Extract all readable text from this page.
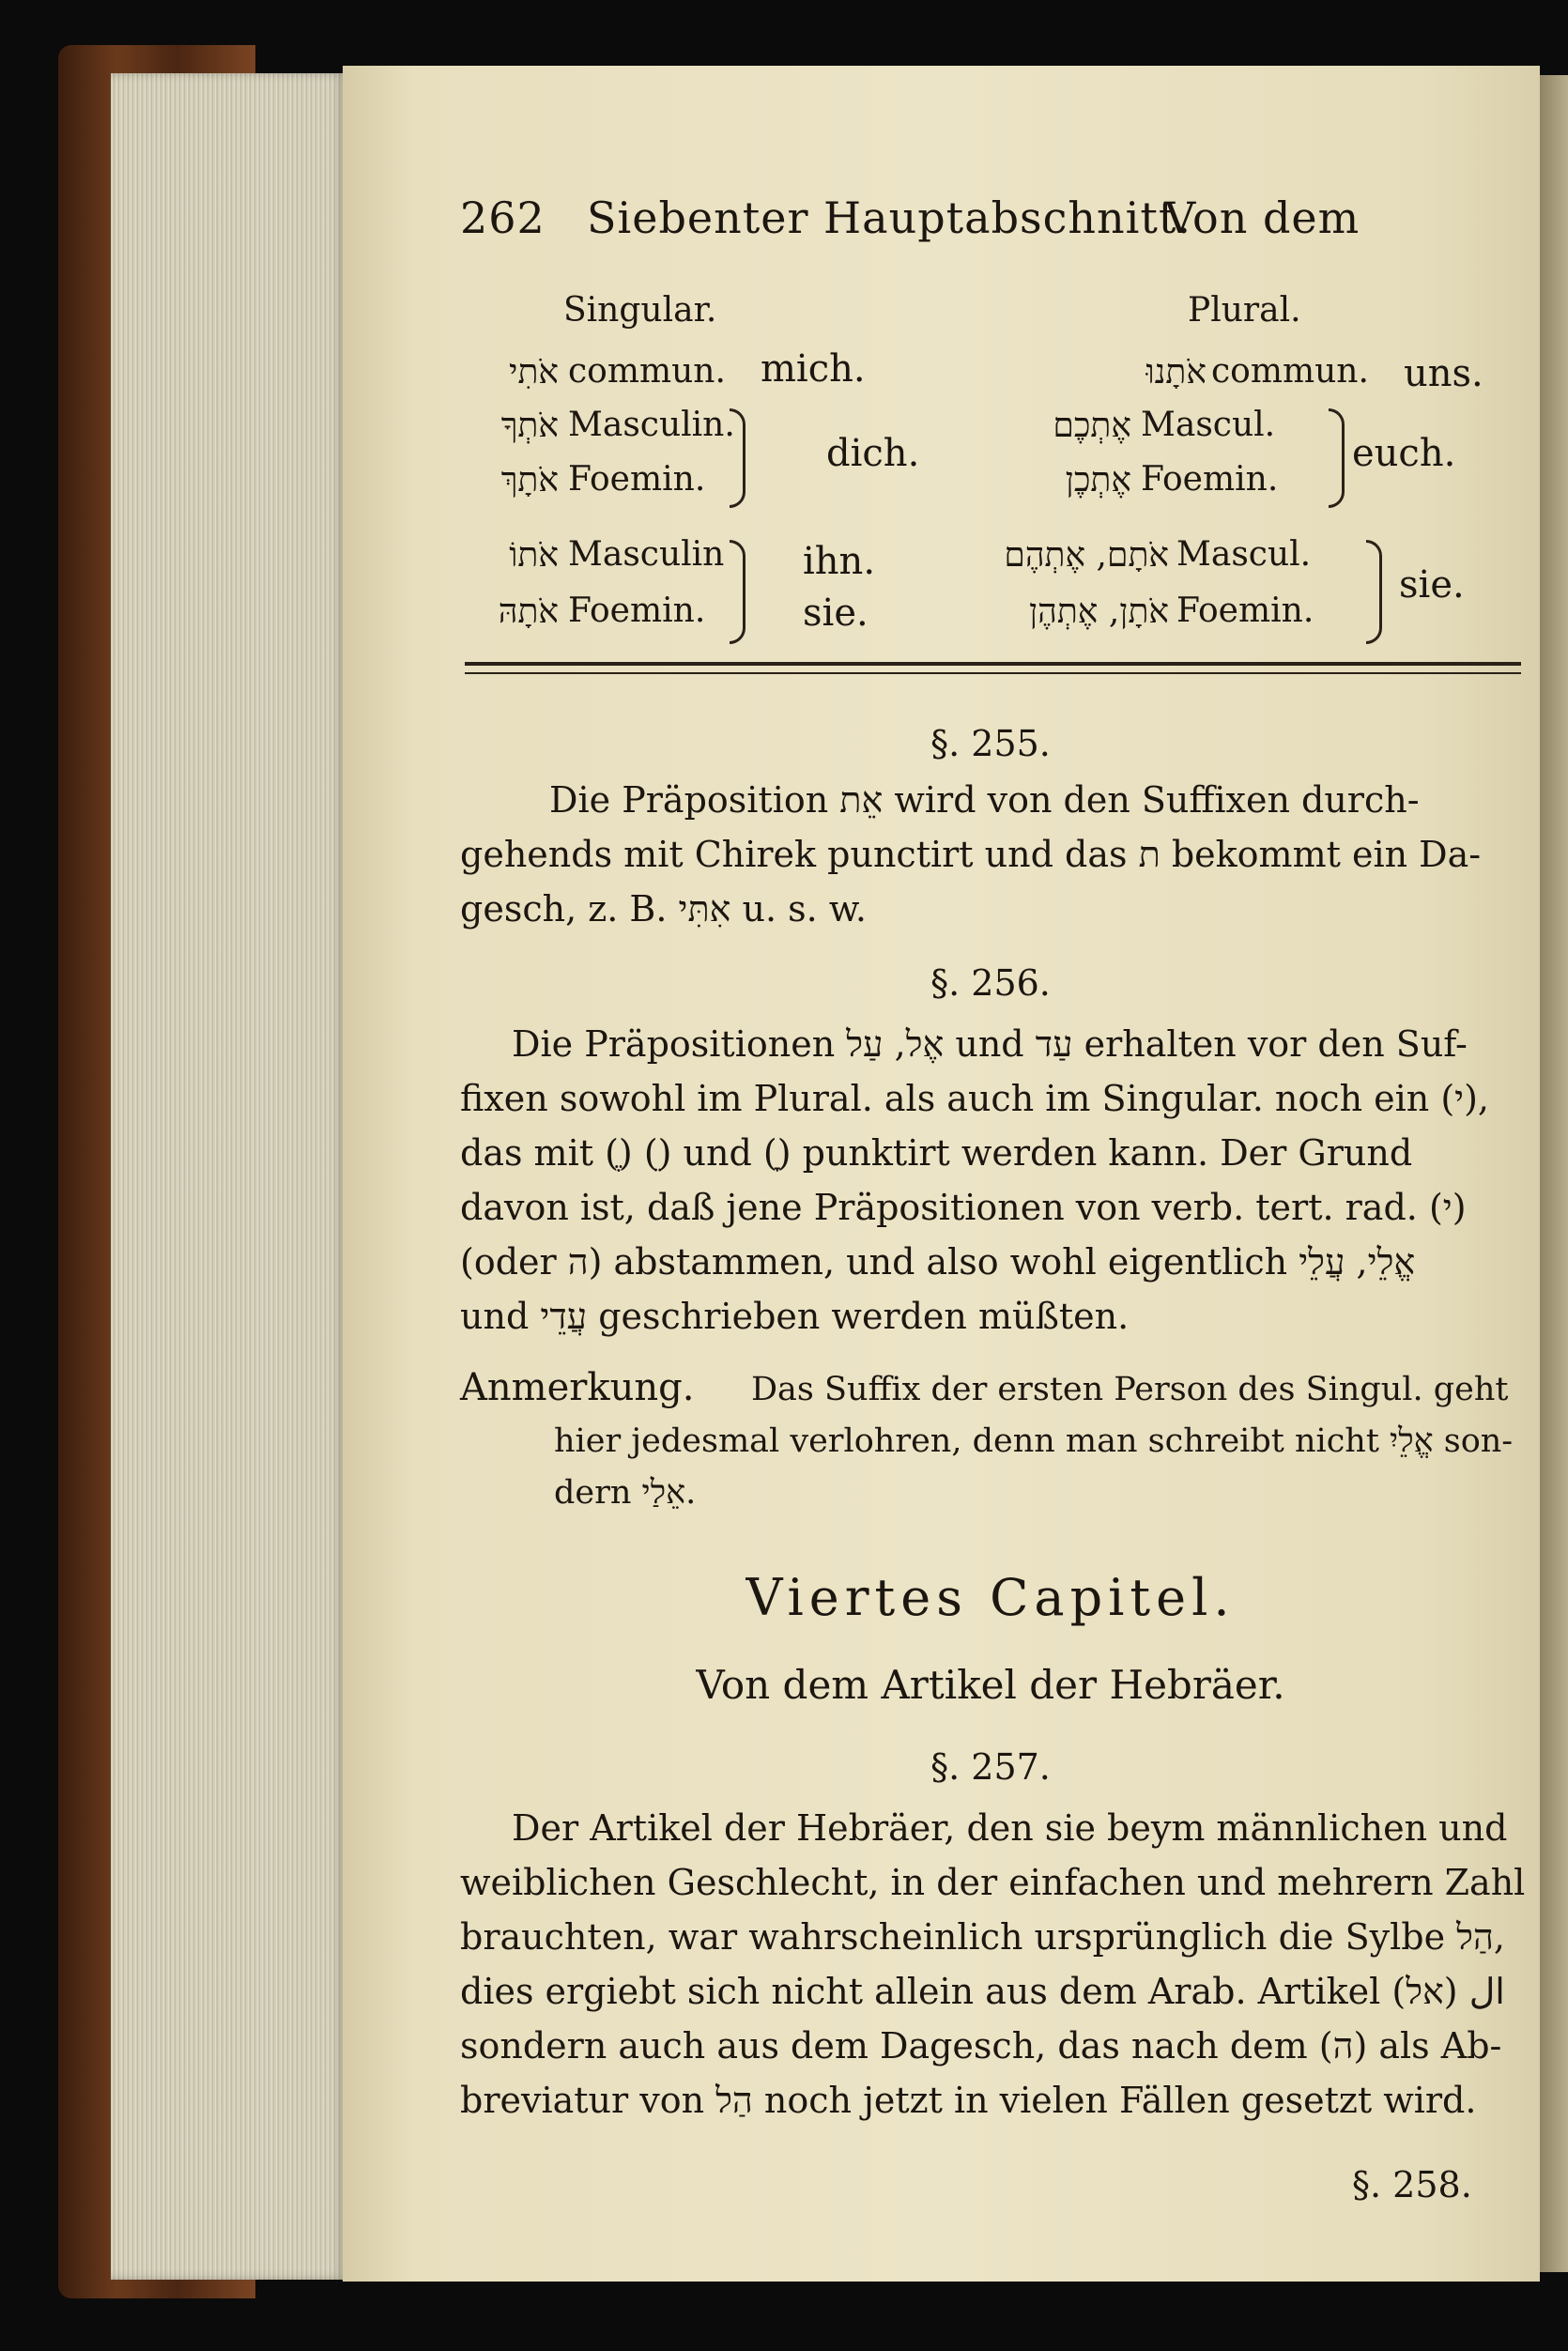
262 Siebenter Hauptabschnitt.
Von dem
Singular.	Plural.
אֹתִי commun. mich.
אֹתְךָ Masculin.
אֹתָךְ Foemin.
dich.
אֹתוֹ Masculin
אֹתָהּ Foemin.
ihn.
sie.
אֹתָנוּ commun. uns.
אֶתְכֶם Mascul.
אֶתְכֶן Foemin.
euch.
אֹתָם, אֶתְהֶם Mascul.
אֹתָן, אֶתְהֶן Foemin.
sie.
§. 255.
Die Präposition אֵת wird von den Suffixen durch-
gehends mit Chirek punctirt und das ת bekommt ein Da-
gesch, z. B. אִתִּי u. s. w.
§. 256.
Die Präpositionen אֶל, עַל und עַד erhalten vor den Suf-
fixen sowohl im Plural. als auch im Singular. noch ein (י),
das mit (ֶ) (ֵ) und (ָ) punktirt werden kann. Der Grund
davon ist, daß jene Präpositionen von verb. tert. rad. (י)
(oder ה) abstammen, und also wohl eigentlich אֱלֵי, עֲלֵי
und עֲדֵי geschrieben werden müßten.
Anmerkung. Das Suffix der ersten Person des Singul. geht
hier jedesmal verlohren, denn man schreibt nicht אֱלֵיִ son-
dern אֵלַי.
Viertes Capitel.
Von dem Artikel der Hebräer.
§. 257.
Der Artikel der Hebräer, den sie beym männlichen und
weiblichen Geschlecht, in der einfachen und mehrern Zahl
brauchten, war wahrscheinlich ursprünglich die Sylbe הַל,
dies ergiebt sich nicht allein aus dem Arab. Artikel ال (אל)
sondern auch aus dem Dagesch, das nach dem (ה) als Ab-
breviatur von הַל noch jetzt in vielen Fällen gesetzt wird.
§. 258.
